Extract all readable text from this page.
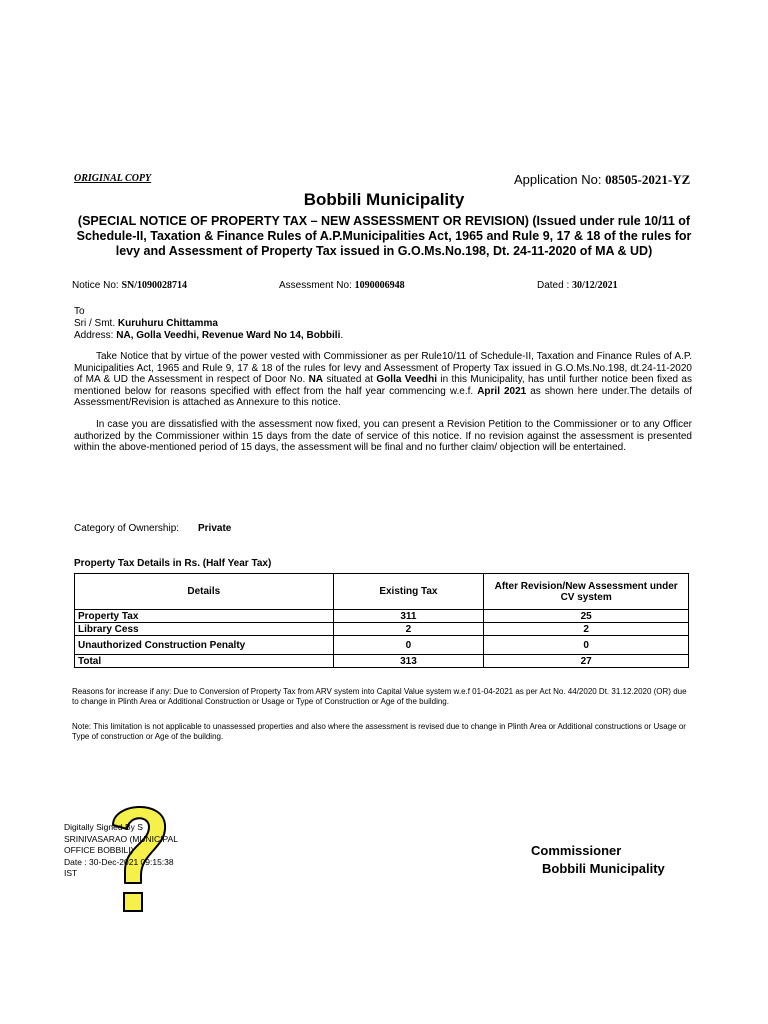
ORIGINAL COPY	Application No: 08505-2021-YZ
Bobbili Municipality
(SPECIAL NOTICE OF PROPERTY TAX – NEW ASSESSMENT OR REVISION) (Issued under rule 10/11 of Schedule-II, Taxation & Finance Rules of A.P.Municipalities Act, 1965 and Rule 9, 17 & 18 of the rules for levy and Assessment of Property Tax issued in G.O.Ms.No.198, Dt. 24-11-2020 of MA & UD)
Notice No: SN/1090028714	Assessment No: 1090006948	Dated : 30/12/2021
To
Sri / Smt. Kuruhuru Chittamma
Address: NA, Golla Veedhi, Revenue Ward No 14, Bobbili.
Take Notice that by virtue of the power vested with Commissioner as per Rule10/11 of Schedule-II, Taxation and Finance Rules of A.P. Municipalities Act, 1965 and Rule 9, 17 & 18 of the rules for levy and Assessment of Property Tax issued in G.O.Ms.No.198, dt.24-11-2020 of MA & UD the Assessment in respect of Door No. NA situated at Golla Veedhi in this Municipality, has until further notice been fixed as mentioned below for reasons specified with effect from the half year commencing w.e.f. April 2021 as shown here under.The details of Assessment/Revision is attached as Annexure to this notice.
In case you are dissatisfied with the assessment now fixed, you can present a Revision Petition to the Commissioner or to any Officer authorized by the Commissioner within 15 days from the date of service of this notice. If no revision against the assessment is presented within the above-mentioned period of 15 days, the assessment will be final and no further claim/ objection will be entertained.
Category of Ownership: Private
Property Tax Details in Rs. (Half Year Tax)
Details	Existing Tax	After Revision/New Assessment under CV system
Property Tax	311	25
Library Cess	2	2
Unauthorized Construction Penalty	0	0
Total	313	27
Reasons for increase if any: Due to Conversion of Property Tax from ARV system into Capital Value system w.e.f 01-04-2021 as per Act No. 44/2020 Dt. 31.12.2020 (OR) due to change in Plinth Area or Additional Construction or Usage or Type of Construction or Age of the building.
Note: This limitation is not applicable to unassessed properties and also where the assessment is revised due to change in Plinth Area or Additional constructions or Usage or Type of construction or Age of the building.
Digitally Signed By S
SRINIVASARAO (MUNICIPAL
OFFICE BOBBILI)
Date : 30-Dec-2021 09:15:38
IST
Commissioner
Bobbili Municipality
